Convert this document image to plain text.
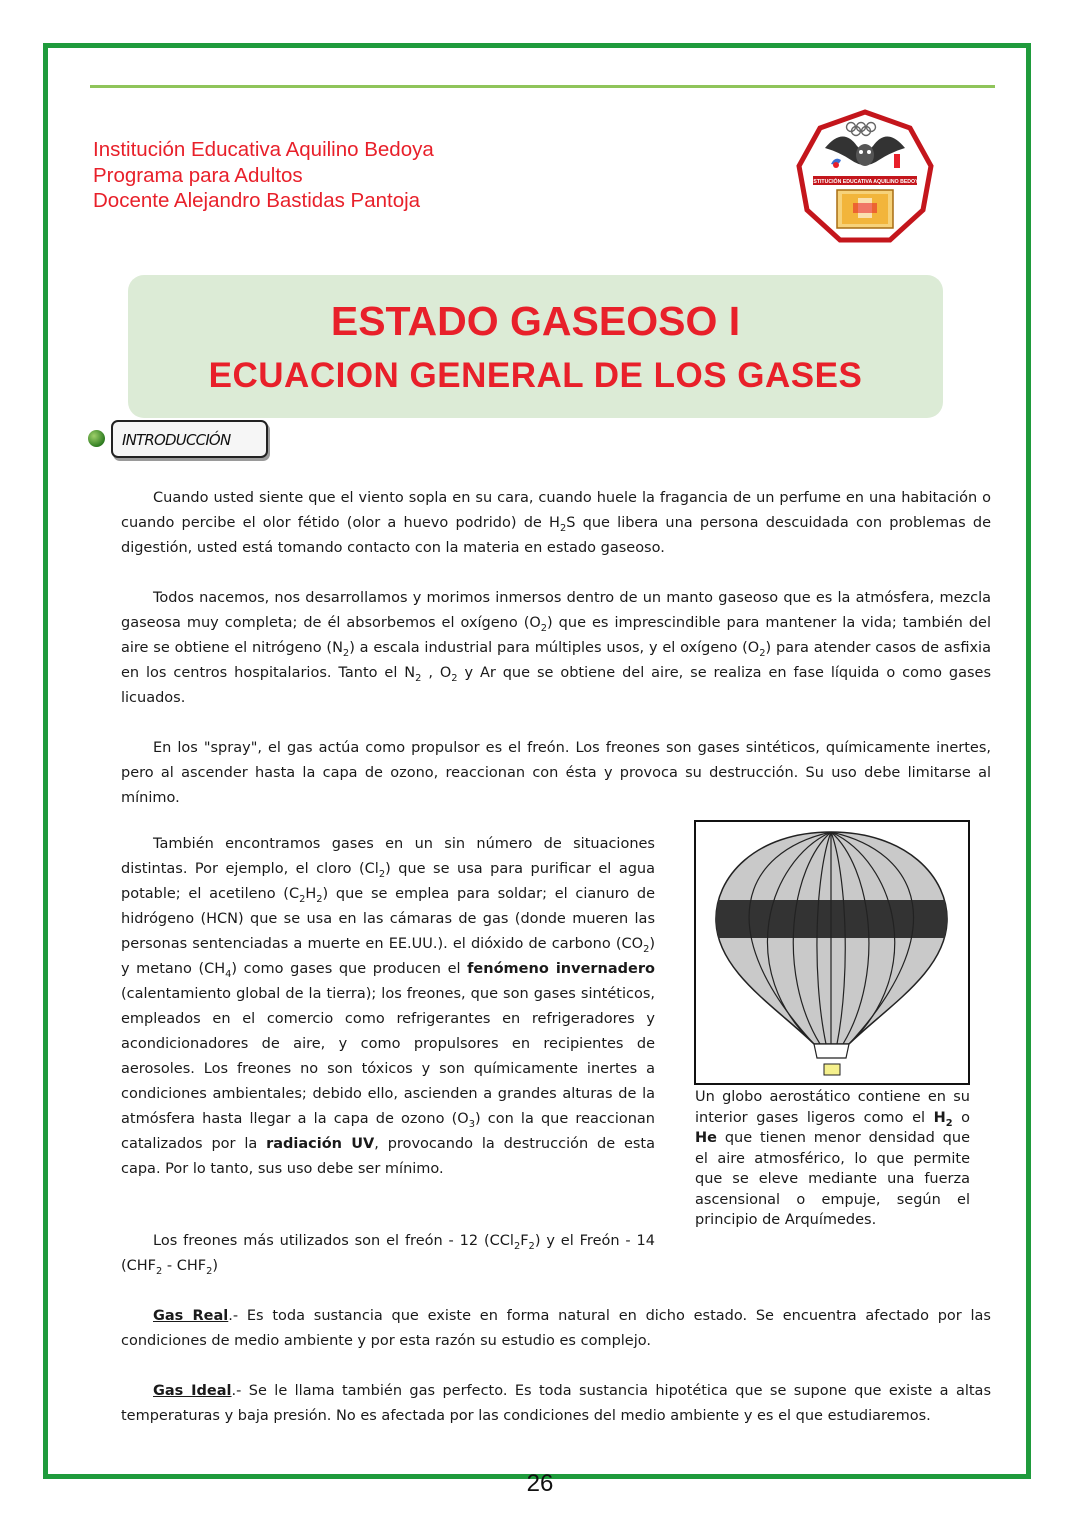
Institución Educativa Aquilino Bedoya
Programa para Adultos
Docente Alejandro Bastidas Pantoja
INSTITUCIÓN EDUCATIVA AQUILINO BEDOYA
ESTADO GASEOSO I
ECUACION GENERAL DE LOS GASES
INTRODUCCIÓN
Cuando usted siente que el viento sopla en su cara, cuando huele la fragancia de un perfume en una habitación o cuando percibe el olor fétido (olor a huevo podrido) de $H_2S$ que libera una persona descuidada con problemas de digestión, usted está tomando contacto con la materia en estado gaseoso.
Todos nacemos, nos desarrollamos y morimos inmersos dentro de un manto gaseoso que es la atmósfera, mezcla gaseosa muy completa; de él absorbemos el oxígeno $(O_2)$ que es imprescindible para mantener la vida; también del aire se obtiene el nitrógeno $(N_2)$ a escala industrial para múltiples usos, y el oxígeno $(O_2)$ para atender casos de asfixia en los centros hospitalarios. Tanto el $N_2$ , $O_2$ y Ar que se obtiene del aire, se realiza en fase líquida o como gases licuados.
En los "spray", el gas actúa como propulsor es el freón. Los freones son gases sintéticos, químicamente inertes, pero al ascender hasta la capa de ozono, reaccionan con ésta y provoca su destrucción. Su uso debe limitarse al mínimo.
También encontramos gases en un sin número de situaciones distintas. Por ejemplo, el cloro $(Cl_2)$ que se usa para purificar el agua potable; el acetileno $(C_2H_2)$ que se emplea para soldar; el cianuro de hidrógeno (HCN) que se usa en las cámaras de gas (donde mueren las personas sentenciadas a muerte en EE.UU.). el dióxido de carbono $(CO_2)$ y metano $(CH_4)$ como gases que producen el fenómeno invernadero (calentamiento global de la tierra); los freones, que son gases sintéticos, empleados en el comercio como refrigerantes en refrigeradores y acondicionadores de aire, y como propulsores en recipientes de aerosoles. Los freones no son tóxicos y son químicamente inertes a condiciones ambientales; debido ello, ascienden a grandes alturas de la atmósfera hasta llegar a la capa de ozono $(O_3)$ con la que reaccionan catalizados por la radiación UV, provocando la destrucción de esta capa. Por lo tanto, sus uso debe ser mínimo.
Los freones más utilizados son el freón - 12 $(CCl_2F_2)$ y el Freón - 14 $(CHF_2 - CHF_2)$
Un globo aerostático contiene en su interior gases ligeros como el $H_2$ o He que tienen menor densidad que el aire atmosférico, lo que permite que se eleve mediante una fuerza ascensional o empuje, según el principio de Arquímedes.
Gas Real.- Es toda sustancia que existe en forma natural en dicho estado. Se encuentra afectado por las condiciones de medio ambiente y por esta razón su estudio es complejo.
Gas Ideal.- Se le llama también gas perfecto. Es toda sustancia hipotética que se supone que existe a altas temperaturas y baja presión. No es afectada por las condiciones del medio ambiente y es el que estudiaremos.
26
